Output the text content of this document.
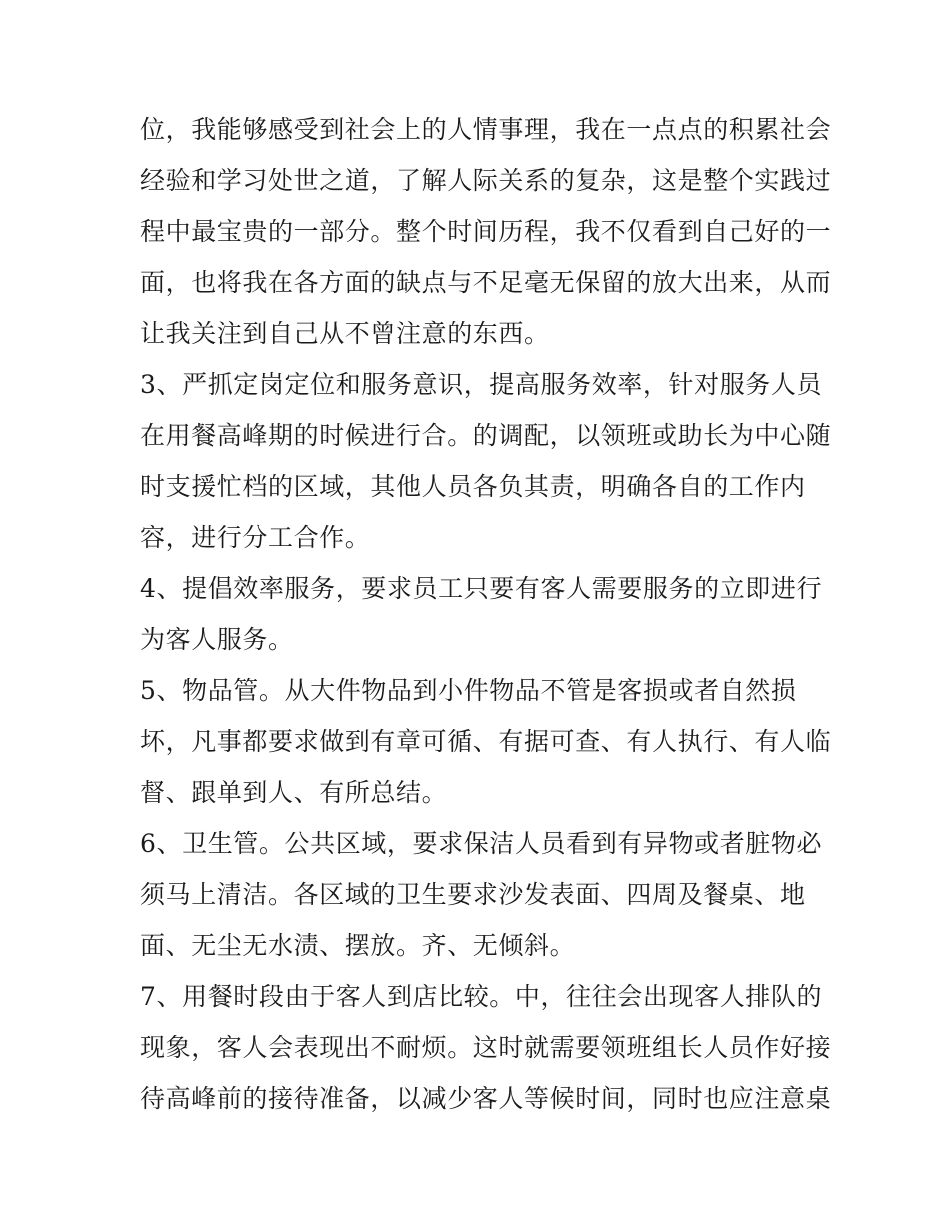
位，我能够感受到社会上的人情事理，我在一点点的积累社会
经验和学习处世之道，了解人际关系的复杂，这是整个实践过
程中最宝贵的一部分。整个时间历程，我不仅看到自己好的一
面，也将我在各方面的缺点与不足毫无保留的放大出来，从而
让我关注到自己从不曾注意的东西。
3、严抓定岗定位和服务意识，提高服务效率，针对服务人员
在用餐高峰期的时候进行合。的调配，以领班或助长为中心随
时支援忙档的区域，其他人员各负其责，明确各自的工作内
容，进行分工合作。
4、提倡效率服务，要求员工只要有客人需要服务的立即进行
为客人服务。
5、物品管。从大件物品到小件物品不管是客损或者自然损
坏，凡事都要求做到有章可循、有据可查、有人执行、有人临
督、跟单到人、有所总结。
6、卫生管。公共区域，要求保洁人员看到有异物或者脏物必
须马上清洁。各区域的卫生要求沙发表面、四周及餐桌、地
面、无尘无水渍、摆放。齐、无倾斜。
7、用餐时段由于客人到店比较。中，往往会出现客人排队的
现象，客人会表现出不耐烦。这时就需要领班组长人员作好接
待高峰前的接待准备，以减少客人等候时间，同时也应注意桌
